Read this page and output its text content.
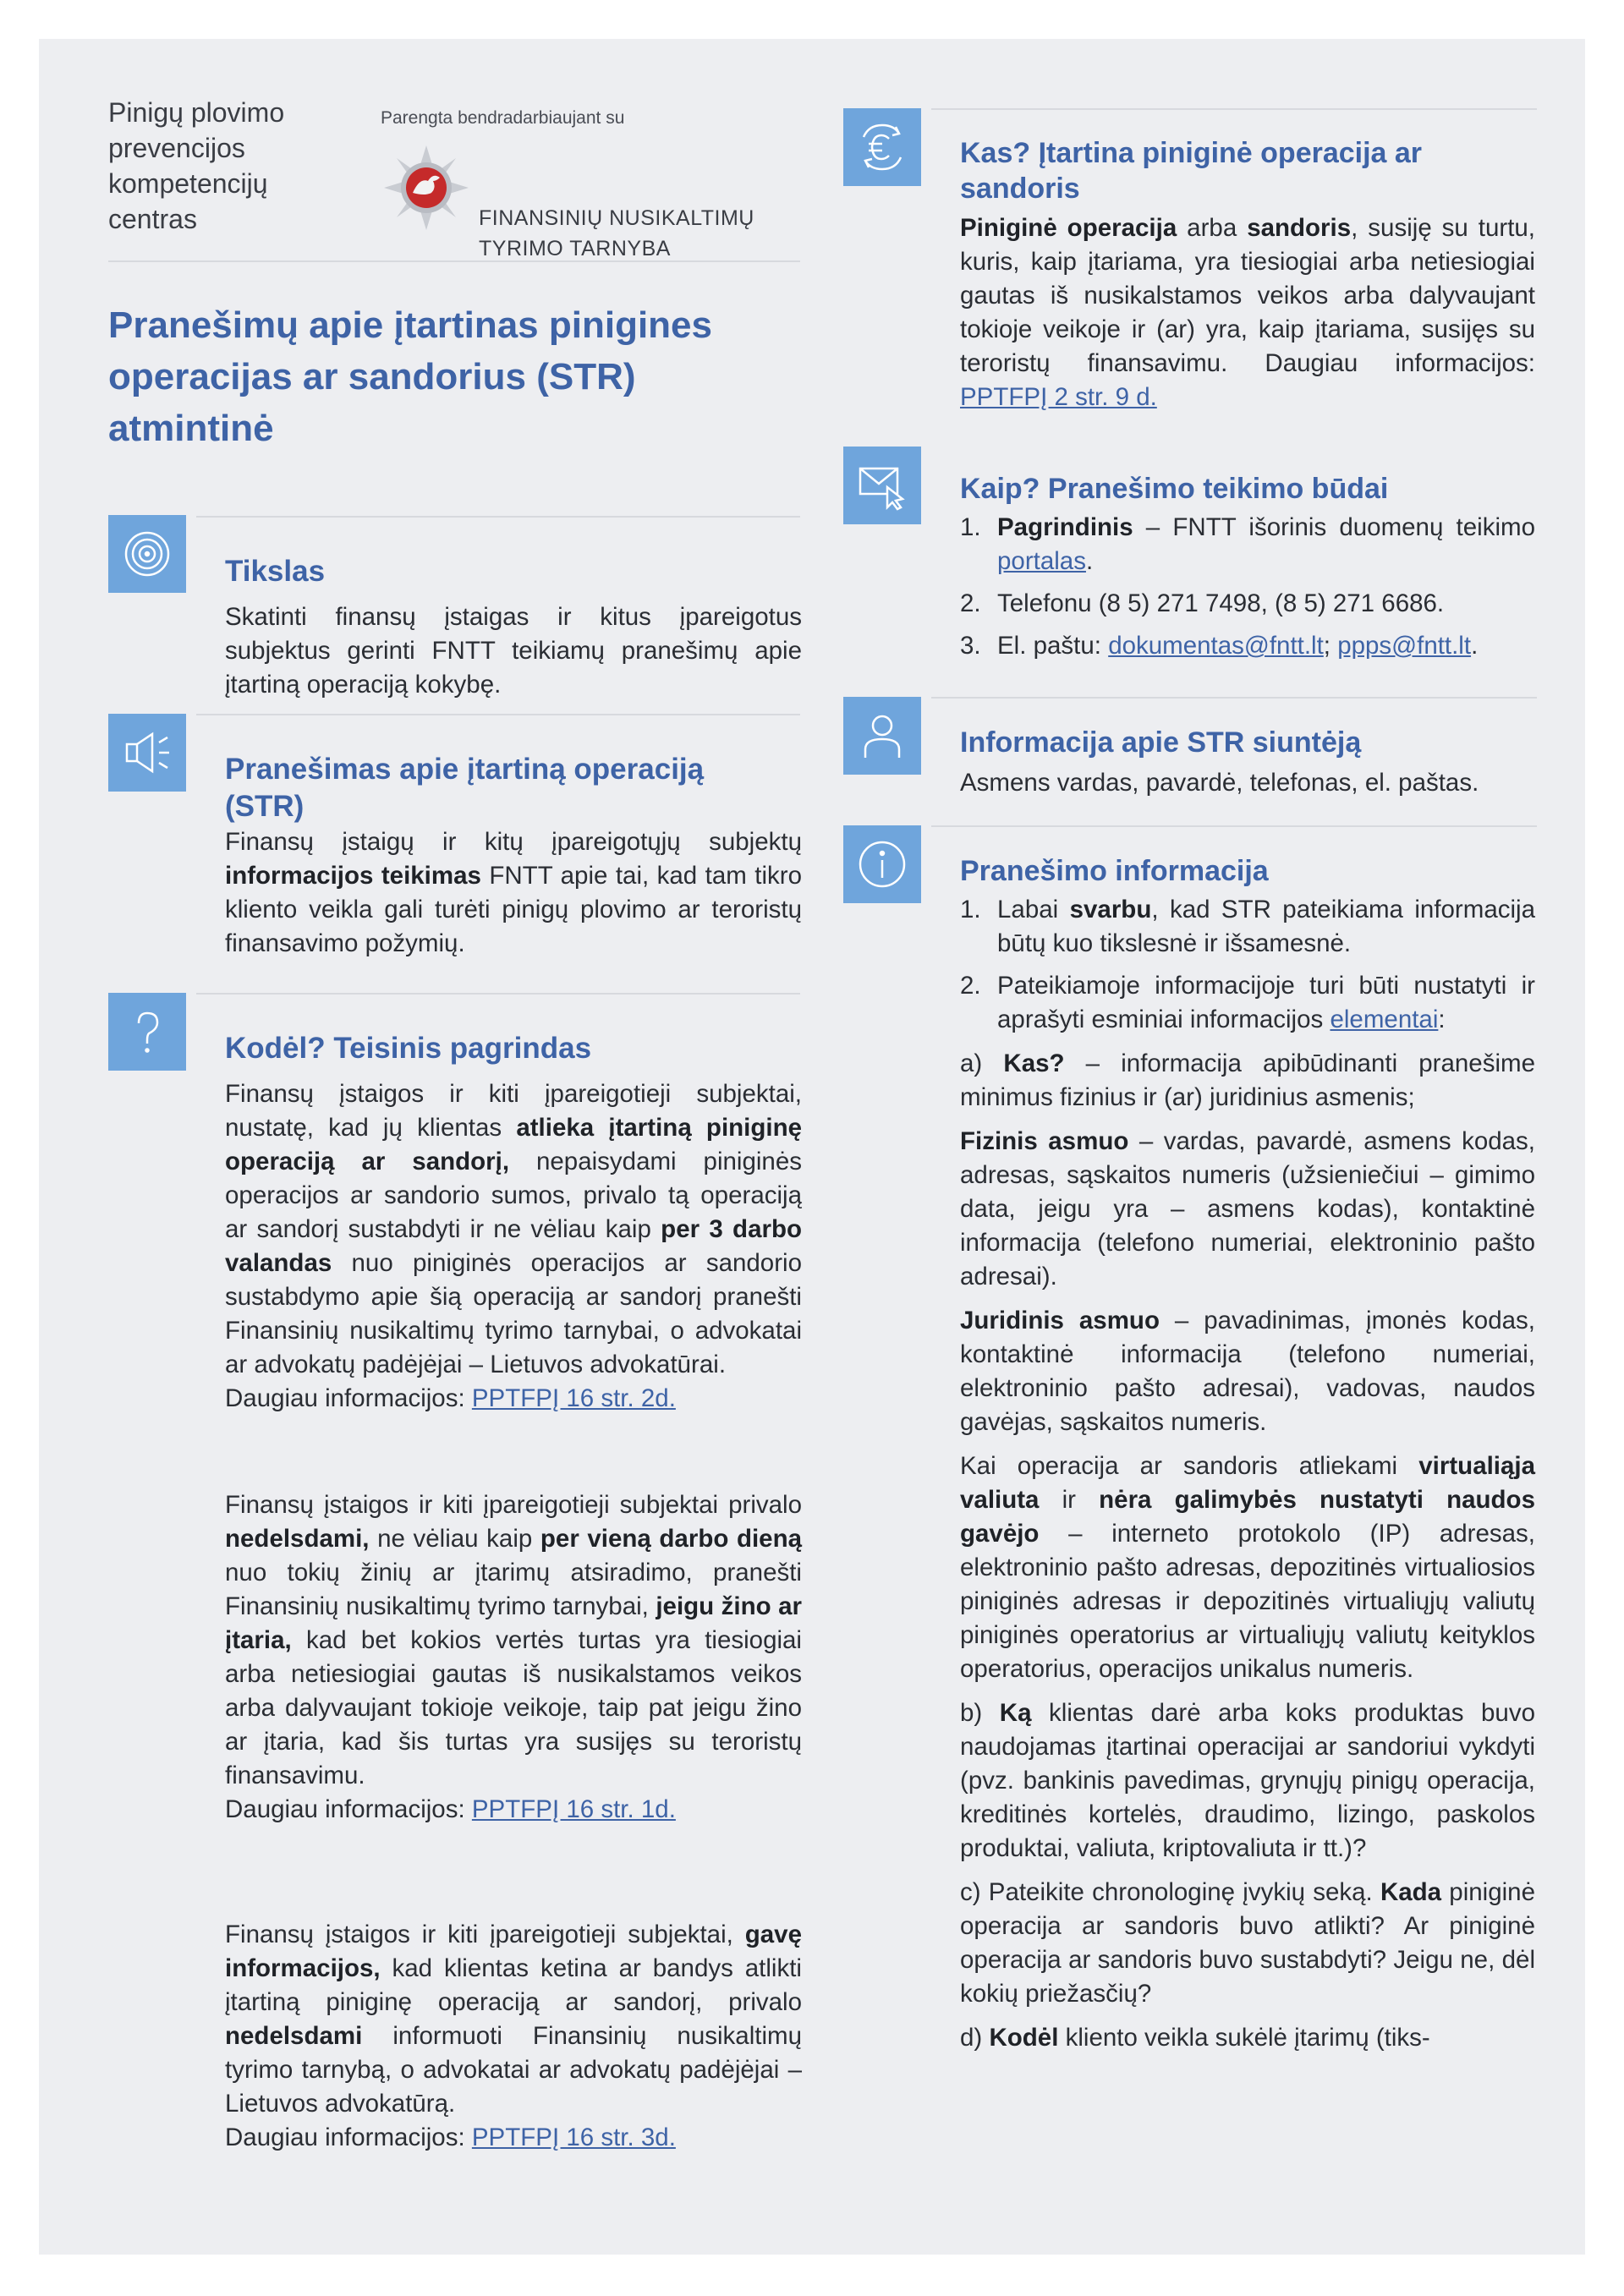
Pinigų plovimo prevencijos kompetencijų centras
Parengta bendradarbiaujant su
FINANSINIŲ NUSIKALTIMŲ TYRIMO TARNYBA
Pranešimų apie įtartinas pinigines operacijas ar sandorius (STR) atmintinė
Tikslas
Skatinti finansų įstaigas ir kitus įpareigotus subjektus gerinti FNTT teikiamų pranešimų apie įtartiną operaciją kokybę.
Pranešimas apie įtartiną operaciją (STR)

Finansų įstaigų ir kitų įpareigotųjų subjektų informacijos teikimas FNTT apie tai, kad tam tikro kliento veikla gali turėti pinigų plovimo ar teroristų finansavimo požymių.

Kodėl? Teisinis pagrindas

Finansų įstaigos ir kiti įpareigotieji subjektai, nustatę, kad jų klientas atlieka įtartiną piniginę operaciją ar sandorį, nepaisydami piniginės operacijos ar sandorio sumos, privalo tą operaciją ar sandorį sustabdyti ir ne vėliau kaip per 3 darbo valandas nuo piniginės operacijos ar sandorio sustabdymo apie šią operaciją ar sandorį pranešti Finansinių nusikaltimų tyrimo tarnybai, o advokatai ar advokatų padėjėjai – Lietuvos advokatūrai.

Daugiau informacijos: PPTFPĮ 16 str. 2d.

Finansų įstaigos ir kiti įpareigotieji subjektai privalo nedelsdami, ne vėliau kaip per vieną darbo dieną nuo tokių žinių ar įtarimų atsiradimo, pranešti Finansinių nusikaltimų tyrimo tarnybai, jeigu žino ar įtaria, kad bet kokios vertės turtas yra tiesiogiai arba netiesiogiai gautas iš nusikalstamos veikos arba dalyvaujant tokioje veikoje, taip pat jeigu žino ar įtaria, kad šis turtas yra susijęs su teroristų finansavimu.

Daugiau informacijos: PPTFPĮ 16 str. 1d.

Finansų įstaigos ir kiti įpareigotieji subjektai, gavę informacijos, kad klientas ketina ar bandys atlikti įtartiną piniginę operaciją ar sandorį, privalo nedelsdami informuoti Finansinių nusikaltimų tyrimo tarnybą, o advokatai ar advokatų padėjėjai – Lietuvos advokatūrą.

Daugiau informacijos: PPTFPĮ 16 str. 3d.

Kas? Įtartina piniginė operacija ar sandoris

Piniginė operacija arba sandoris, susiję su turtu, kuris, kaip įtariama, yra tiesiogiai arba netiesiogiai gautas iš nusikalstamos veikos arba dalyvaujant tokioje veikoje ir (ar) yra, kaip įtariama, susijęs su teroristų finansavimu. Daugiau informacijos: PPTFPĮ 2 str. 9 d.

Kaip? Pranešimo teikimo būdai
1. Pagrindinis – FNTT išorinis duomenų teikimo portalas.
2. Telefonu (8 5) 271 7498, (8 5) 271 6686.
3. El. paštu: dokumentas@fntt.lt; ppps@fntt.lt.
Informacija apie STR siuntėją
Asmens vardas, pavardė, telefonas, el. paštas.
Pranešimo informacija
1. Labai svarbu, kad STR pateikiama informacija būtų kuo tikslesnė ir išsamesnė.
2. Pateikiamoje informacijoje turi būti nustatyti ir aprašyti esminiai informacijos elementai:

a) Kas? – informacija apibūdinanti pranešime minimus fizinius ir (ar) juridinius asmenis;

Fizinis asmuo – vardas, pavardė, asmens kodas, adresas, sąskaitos numeris (užsieniečiui – gimimo data, jeigu yra – asmens kodas), kontaktinė informacija (telefono numeriai, elektroninio pašto adresai).

Juridinis asmuo – pavadinimas, įmonės kodas, kontaktinė informacija (telefono numeriai, elektroninio pašto adresai), vadovas, naudos gavėjas, sąskaitos numeris.

Kai operacija ar sandoris atliekami virtualiąja valiuta ir nėra galimybės nustatyti naudos gavėjo – interneto protokolo (IP) adresas, elektroninio pašto adresas, depozitinės virtualiosios piniginės adresas ir depozitinės virtualiųjų valiutų piniginės operatorius ar virtualiųjų valiutų keityklos operatorius, operacijos unikalus numeris.

b) Ką klientas darė arba koks produktas buvo naudojamas įtartinai operacijai ar sandoriui vykdyti (pvz. bankinis pavedimas, grynųjų pinigų operacija, kreditinės kortelės, draudimo, lizingo, paskolos produktai, valiuta, kriptovaliuta ir tt.)?

c) Pateikite chronologinę įvykių seką. Kada piniginė operacija ar sandoris buvo atlikti? Ar piniginė operacija ar sandoris buvo sustabdyti? Jeigu ne, dėl kokių priežasčių?

d) Kodėl kliento veikla sukėlė įtarimų (tiks-
